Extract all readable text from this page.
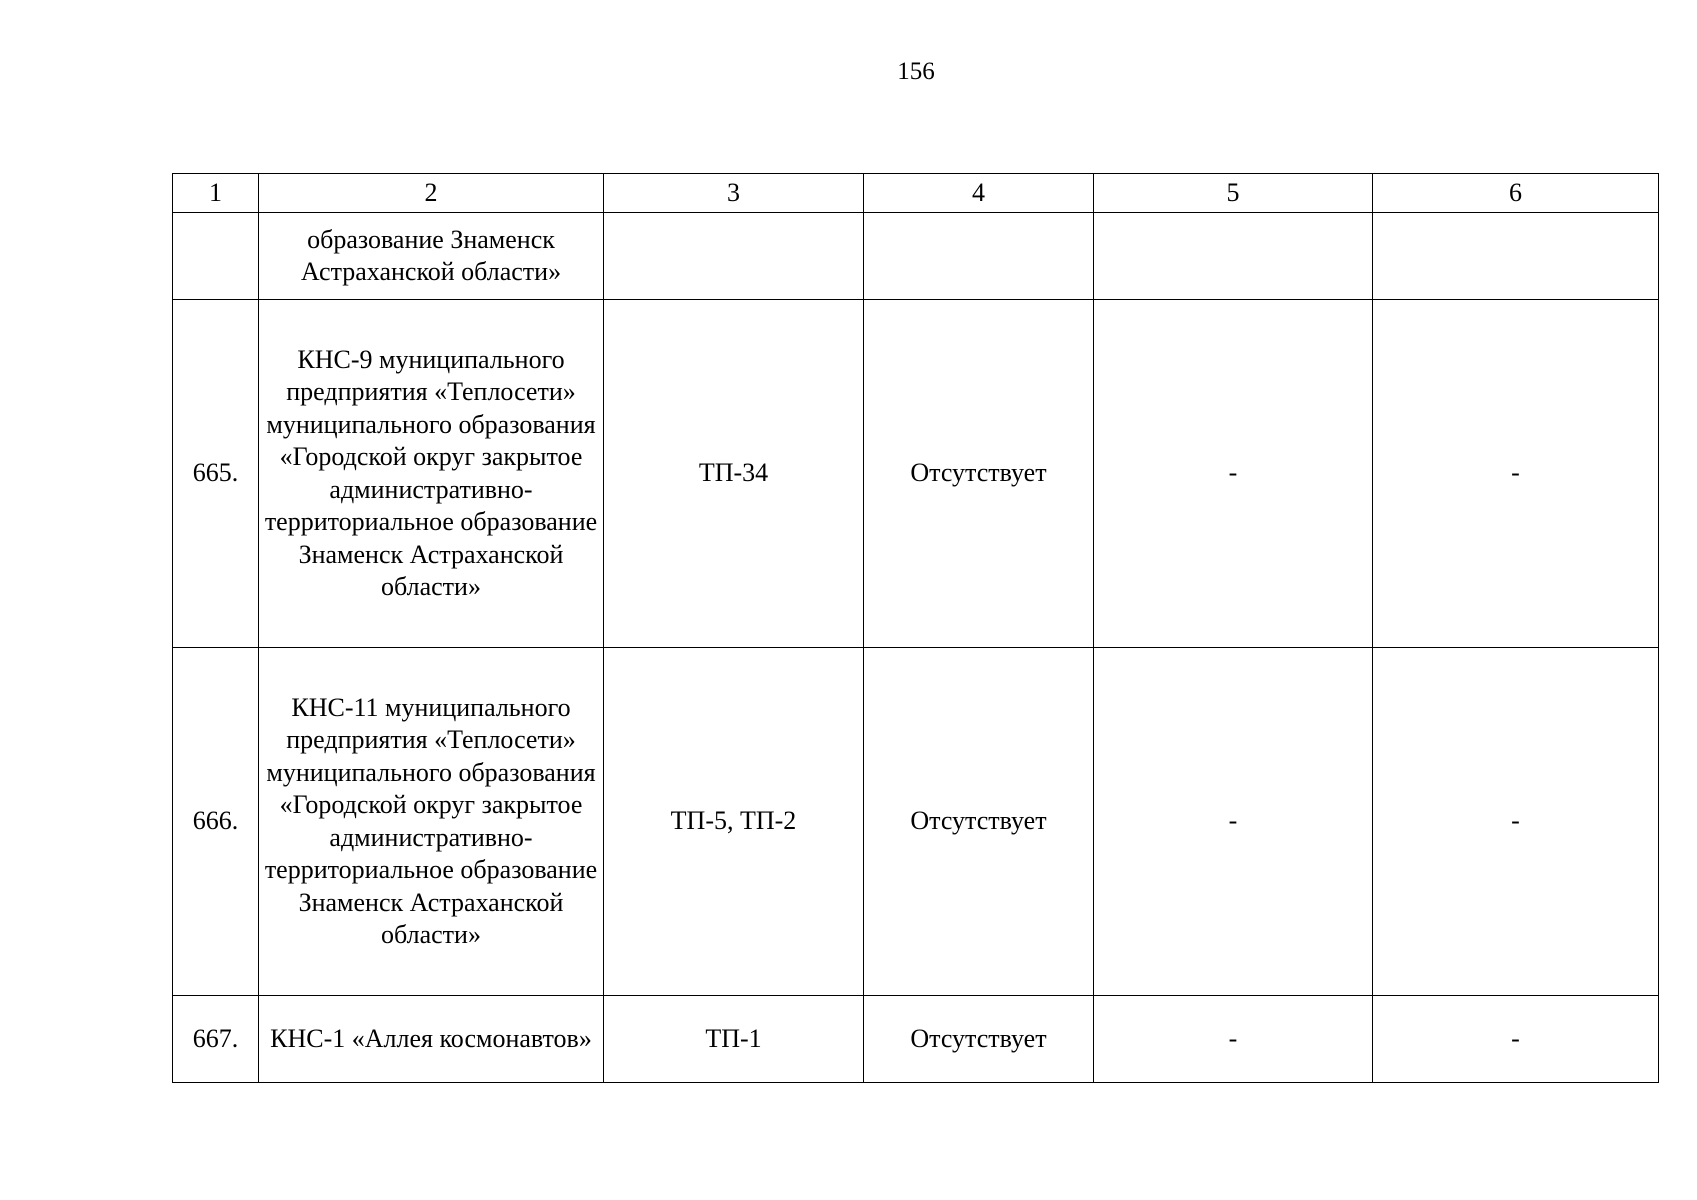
156
1	2	3	4	5	6
	образование Знаменск Астраханской области»				
665.	КНС-9 муниципального предприятия «Теплосети» муниципального образования «Городской округ закрытое административно-территориальное образование Знаменск Астраханской области»	ТП-34	Отсутствует	-	-
666.	КНС-11 муниципального предприятия «Теплосети» муниципального образования «Городской округ закрытое административно-территориальное образование Знаменск Астраханской области»	ТП-5, ТП-2	Отсутствует	-	-
667.	КНС-1 «Аллея космонавтов»	ТП-1	Отсутствует	-	-
